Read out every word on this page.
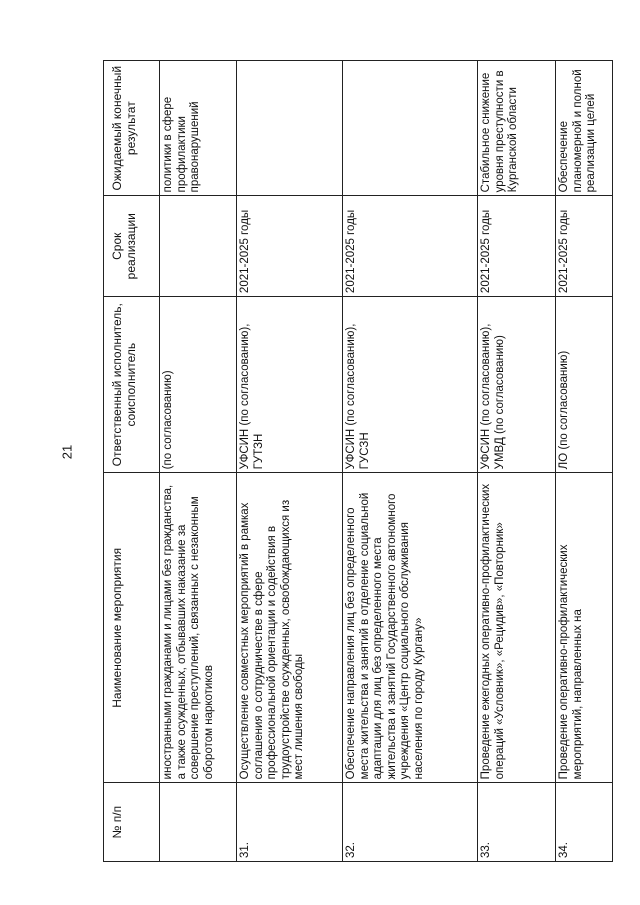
21
№ п/п	Наименование мероприятия	Ответственный исполнитель, соисполнитель	Срок реализации	Ожидаемый конечный результат
	иностранными гражданами и лицами без гражданства, а также осужденных, отбывавших наказание за совершение преступлений, связанных с незаконным оборотом наркотиков	(по согласованию)		политики в сфере профилактики правонарушений
31.	Осуществление совместных мероприятий в рамках соглашения о сотрудничестве в сфере профессиональной ориентации и содействия в трудоустройстве осужденных, освобождающихся из мест лишения свободы	УФСИН (по согласованию), ГУТЗН	2021-2025 годы	
32.	Обеспечение направления лиц без определенного места жительства и занятий в отделение социальной адаптации для лиц без определенного места жительства и занятий Государственного автономного учреждения «Центр социального обслуживания населения по городу Кургану»	УФСИН (по согласованию), ГУСЗН	2021-2025 годы	
33.	Проведение ежегодных оперативно-профилактических операций «Условник», «Рецидив», «Повторник»	УФСИН (по согласованию), УМВД (по согласованию)	2021-2025 годы	Стабильное снижение уровня преступности в Курганской области
34.	Проведение оперативно-профилактических мероприятий, направленных на	ЛО (по согласованию)	2021-2025 годы	Обеспечение планомерной и полной реализации целей
